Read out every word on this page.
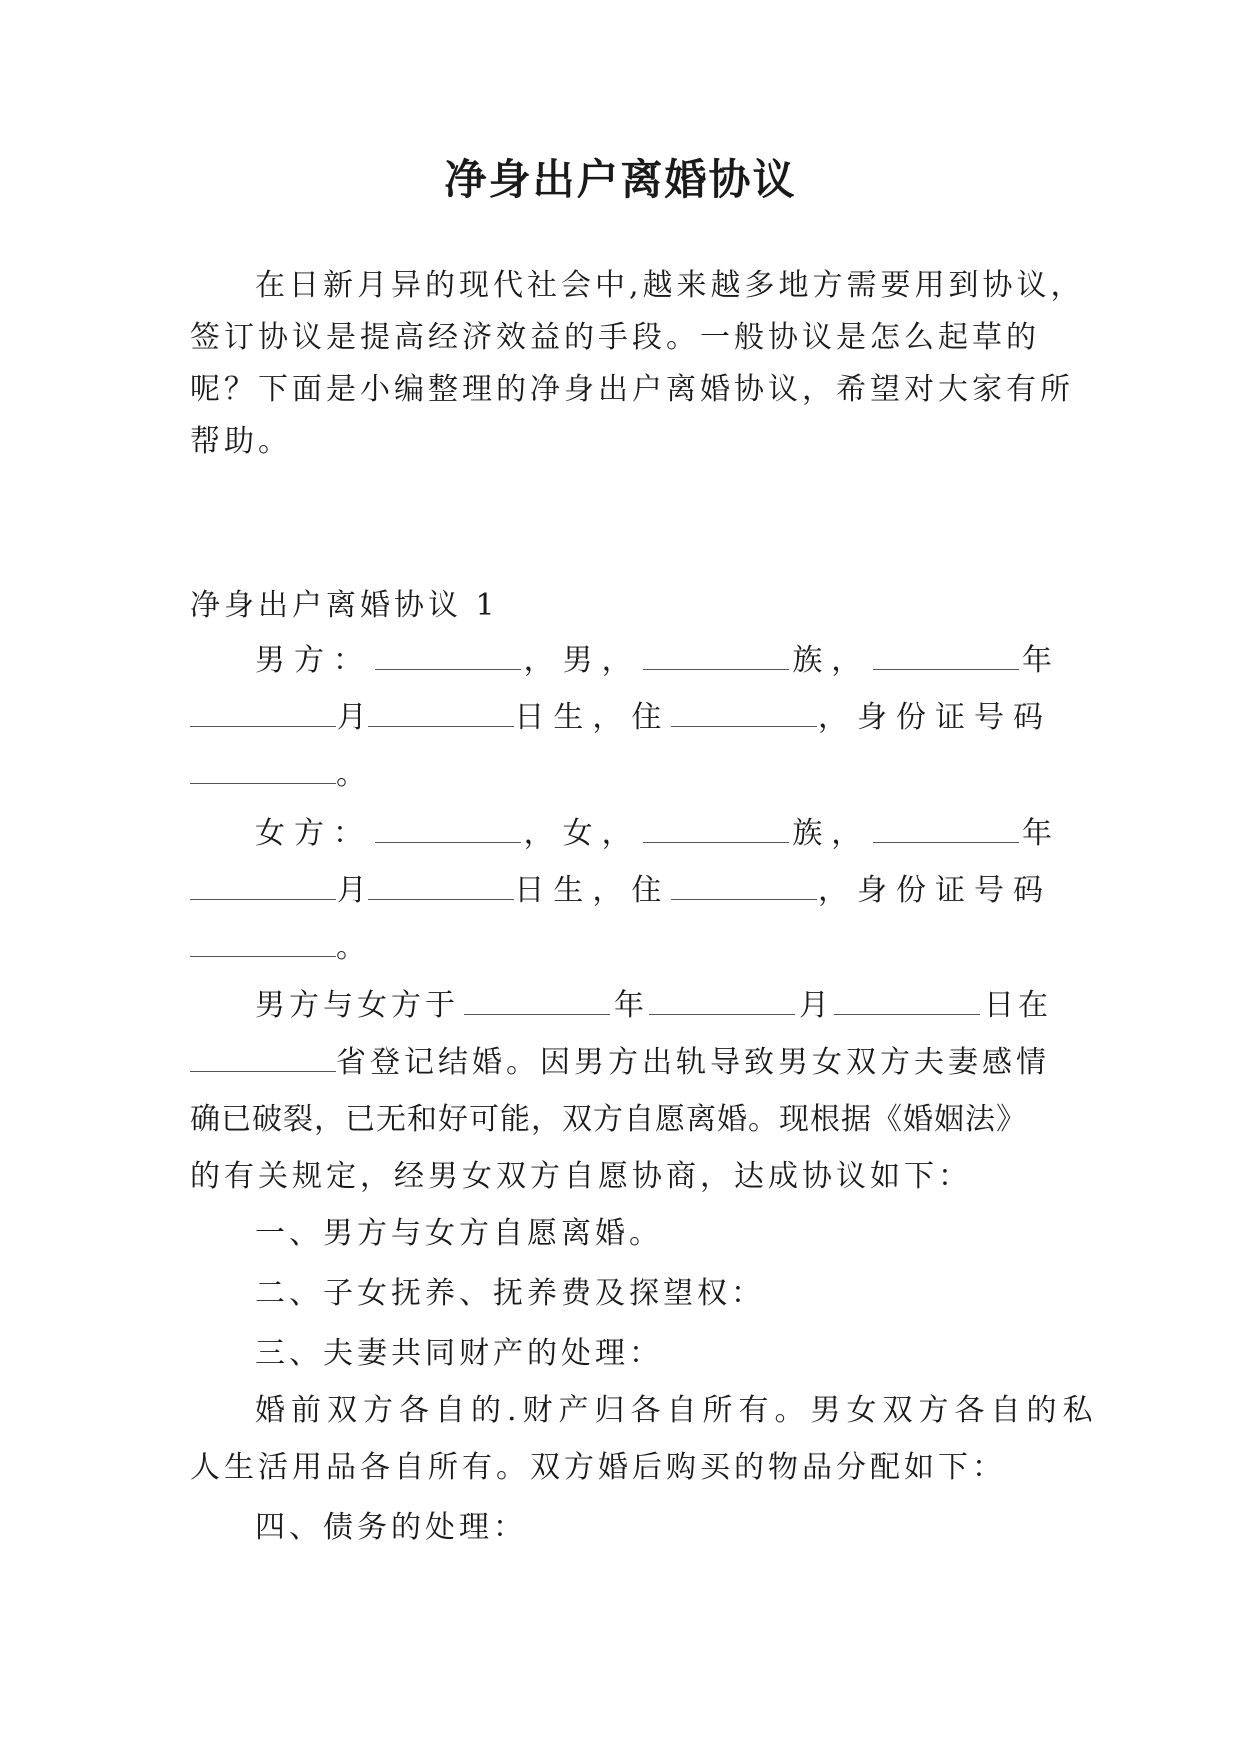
净身出户离婚协议
在日新月异的现代社会中,越来越多地方需要用到协议，
签订协议是提高经济效益的手段。一般协议是怎么起草的
呢？下面是小编整理的净身出户离婚协议，希望对大家有所
帮助。
净身出户离婚协议 1
男方：	，男，	族，	年
月	日生，住	，身份证号码
。
女方：	，女，	族，	年
月	日生，住	，身份证号码
。
男方与女方于	年	月	日在
省登记结婚。因男方出轨导致男女双方夫妻感情
确已破裂，已无和好可能，双方自愿离婚。现根据《婚姻法》
的有关规定，经男女双方自愿协商，达成协议如下：
一、男方与女方自愿离婚。
二、子女抚养、抚养费及探望权：
三、夫妻共同财产的处理：
婚前双方各自的.财产归各自所有。男女双方各自的私
人生活用品各自所有。双方婚后购买的物品分配如下：
四、债务的处理：
